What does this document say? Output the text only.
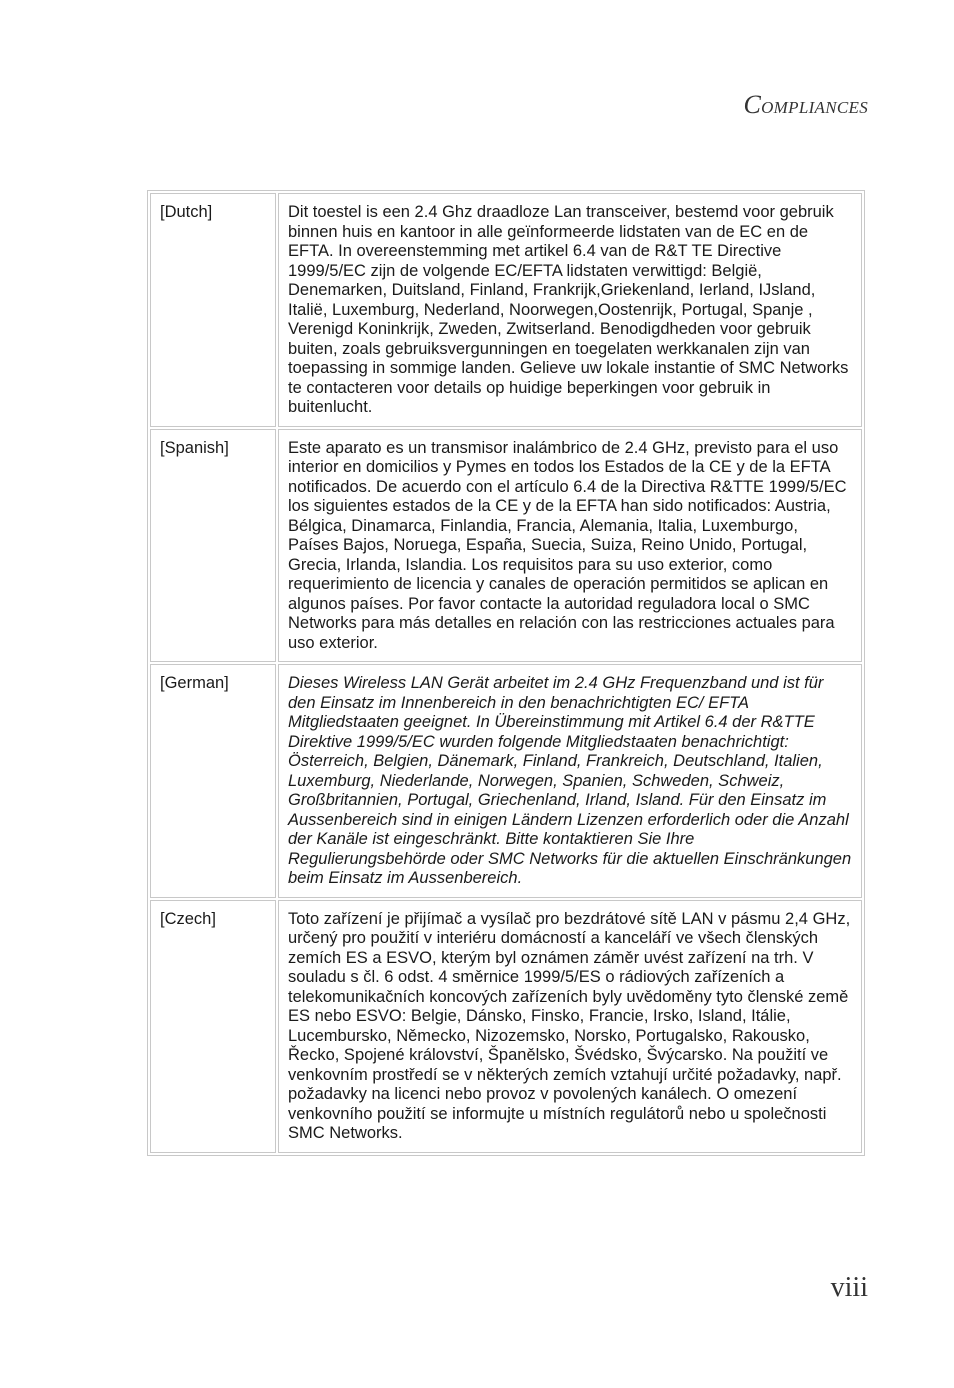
Compliances
[Dutch]	Dit toestel is een 2.4 Ghz draadloze Lan transceiver, bestemd voor gebruik binnen huis en kantoor in alle geïnformeerde lidstaten van de EC en de EFTA. In overeenstemming met artikel 6.4 van de R&T TE Directive 1999/5/EC zijn de volgende EC/EFTA lidstaten verwittigd: België, Denemarken, Duitsland, Finland, Frankrijk,Griekenland, Ierland, IJsland, Italië, Luxemburg, Nederland, Noorwegen,Oostenrijk, Portugal, Spanje , Verenigd Koninkrijk, Zweden, Zwitserland. Benodigdheden voor gebruik buiten, zoals gebruiksvergunningen en toegelaten werkkanalen zijn van toepassing in sommige landen. Gelieve uw lokale instantie of SMC Networks te contacteren voor details op huidige beperkingen voor gebruik in buitenlucht.
[Spanish]	Este aparato es un transmisor inalámbrico de 2.4 GHz, previsto para el uso interior en domicilios y Pymes en todos los Estados de la CE y de la EFTA notificados. De acuerdo con el artículo 6.4 de la Directiva R&TTE 1999/5/EC los siguientes estados de la CE y de la EFTA han sido notificados: Austria, Bélgica, Dinamarca, Finlandia, Francia, Alemania, Italia, Luxemburgo, Países Bajos, Noruega, España, Suecia, Suiza, Reino Unido, Portugal, Grecia, Irlanda, Islandia. Los requisitos para su uso exterior, como requerimiento de licencia y canales de operación permitidos se aplican en algunos países. Por favor contacte la autoridad reguladora local o SMC Networks para más detalles en relación con las restricciones actuales para uso exterior.
[German]	Dieses Wireless LAN Gerät arbeitet im 2.4 GHz Frequenzband und ist für den Einsatz im Innenbereich in den benachrichtigten EC/ EFTA Mitgliedstaaten geeignet. In Übereinstimmung mit Artikel 6.4 der R&TTE Direktive 1999/5/EC wurden folgende Mitgliedstaaten benachrichtigt: Österreich, Belgien, Dänemark, Finland, Frankreich, Deutschland, Italien, Luxemburg, Niederlande, Norwegen, Spanien, Schweden, Schweiz, Großbritannien, Portugal, Griechenland, Irland, Island. Für den Einsatz im Aussenbereich sind in einigen Ländern Lizenzen erforderlich oder die Anzahl der Kanäle ist eingeschränkt. Bitte kontaktieren Sie Ihre Regulierungsbehörde oder SMC Networks für die aktuellen Einschränkungen beim Einsatz im Aussenbereich.
[Czech]	Toto zařízení je přijímač a vysílač pro bezdrátové sítě LAN v pásmu 2,4 GHz, určený pro použití v interiéru domácností a kanceláří ve všech členských zemích ES a ESVO, kterým byl oznámen záměr uvést zařízení na trh. V souladu s čl. 6 odst. 4 směrnice 1999/5/ES o rádiových zařízeních a telekomunikačních koncových zařízeních byly uvědoměny tyto členské země ES nebo ESVO: Belgie, Dánsko, Finsko, Francie, Irsko, Island, Itálie, Lucembursko, Německo, Nizozemsko, Norsko, Portugalsko, Rakousko, Řecko, Spojené království, Španělsko, Švédsko, Švýcarsko. Na použití ve venkovním prostředí se v některých zemích vztahují určité požadavky, např. požadavky na licenci nebo provoz v povolených kanálech. O omezení venkovního použití se informujte u místních regulátorů nebo u společnosti SMC Networks.
viii
